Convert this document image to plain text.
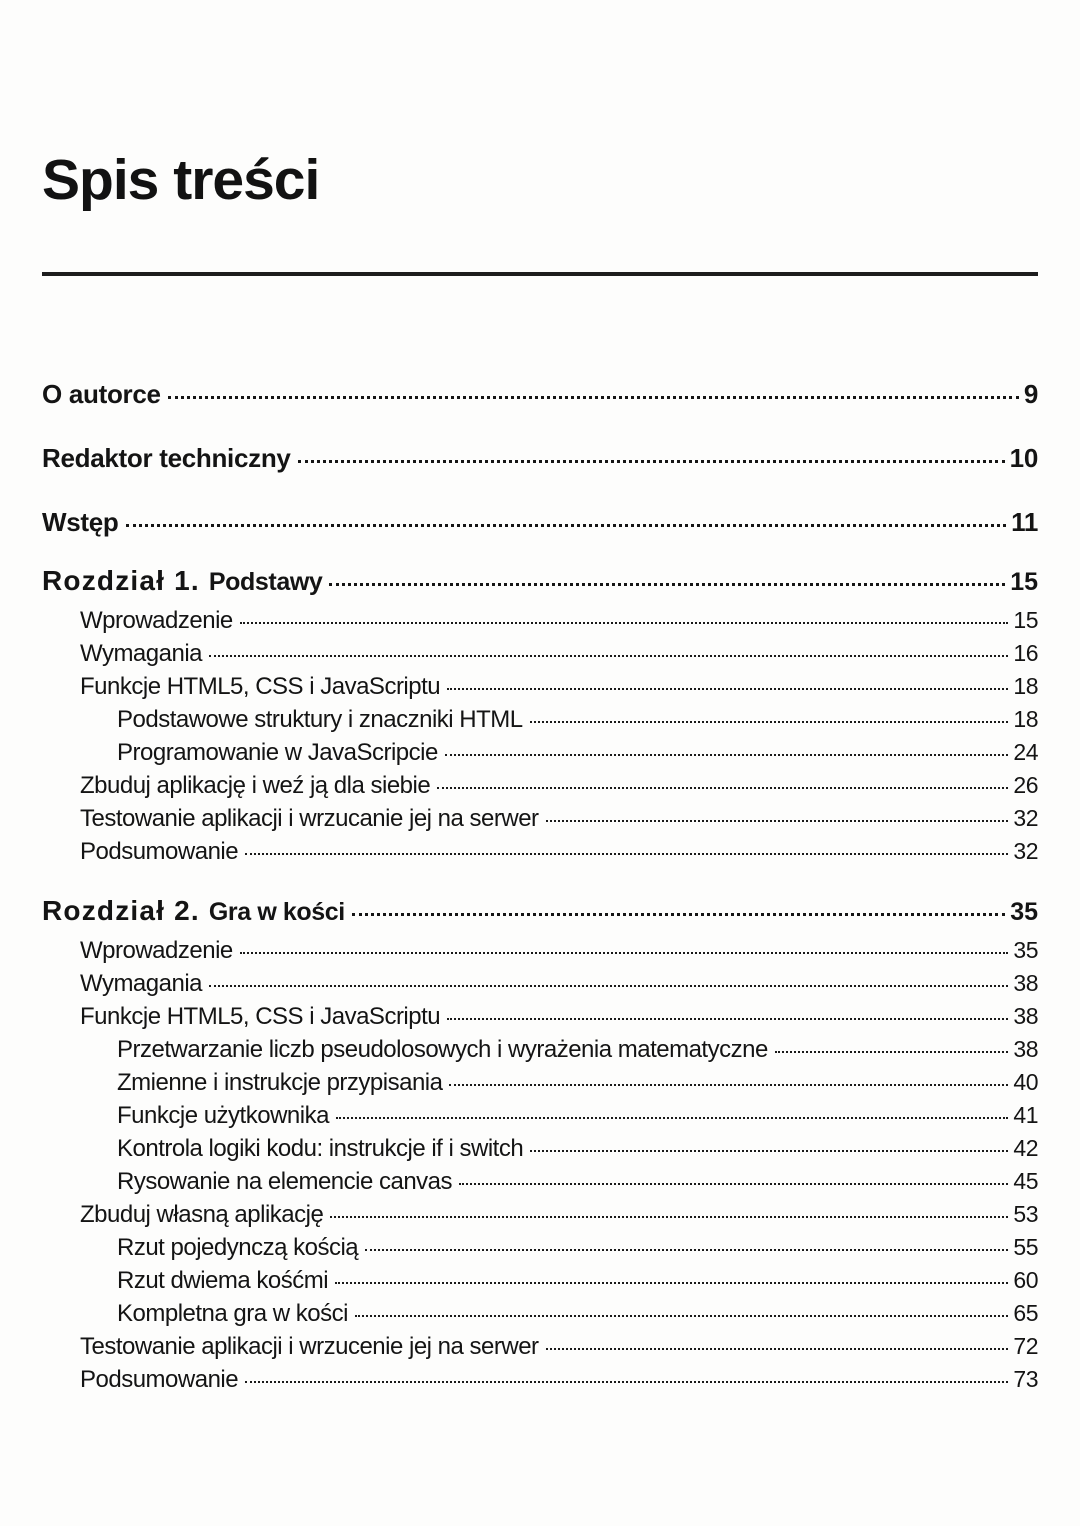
Spis treści
O autorce	9
Redaktor techniczny	10
Wstęp	11
Rozdział 1. Podstawy	15
Wprowadzenie	15
Wymagania	16
Funkcje HTML5, CSS i JavaScriptu	18
Podstawowe struktury i znaczniki HTML	18
Programowanie w JavaScripcie	24
Zbuduj aplikację i weź ją dla siebie	26
Testowanie aplikacji i wrzucanie jej na serwer	32
Podsumowanie	32
Rozdział 2. Gra w kości	35
Wprowadzenie	35
Wymagania	38
Funkcje HTML5, CSS i JavaScriptu	38
Przetwarzanie liczb pseudolosowych i wyrażenia matematyczne	38
Zmienne i instrukcje przypisania	40
Funkcje użytkownika	41
Kontrola logiki kodu: instrukcje if i switch	42
Rysowanie na elemencie canvas	45
Zbuduj własną aplikację	53
Rzut pojedynczą kością	55
Rzut dwiema kośćmi	60
Kompletna gra w kości	65
Testowanie aplikacji i wrzucenie jej na serwer	72
Podsumowanie	73
